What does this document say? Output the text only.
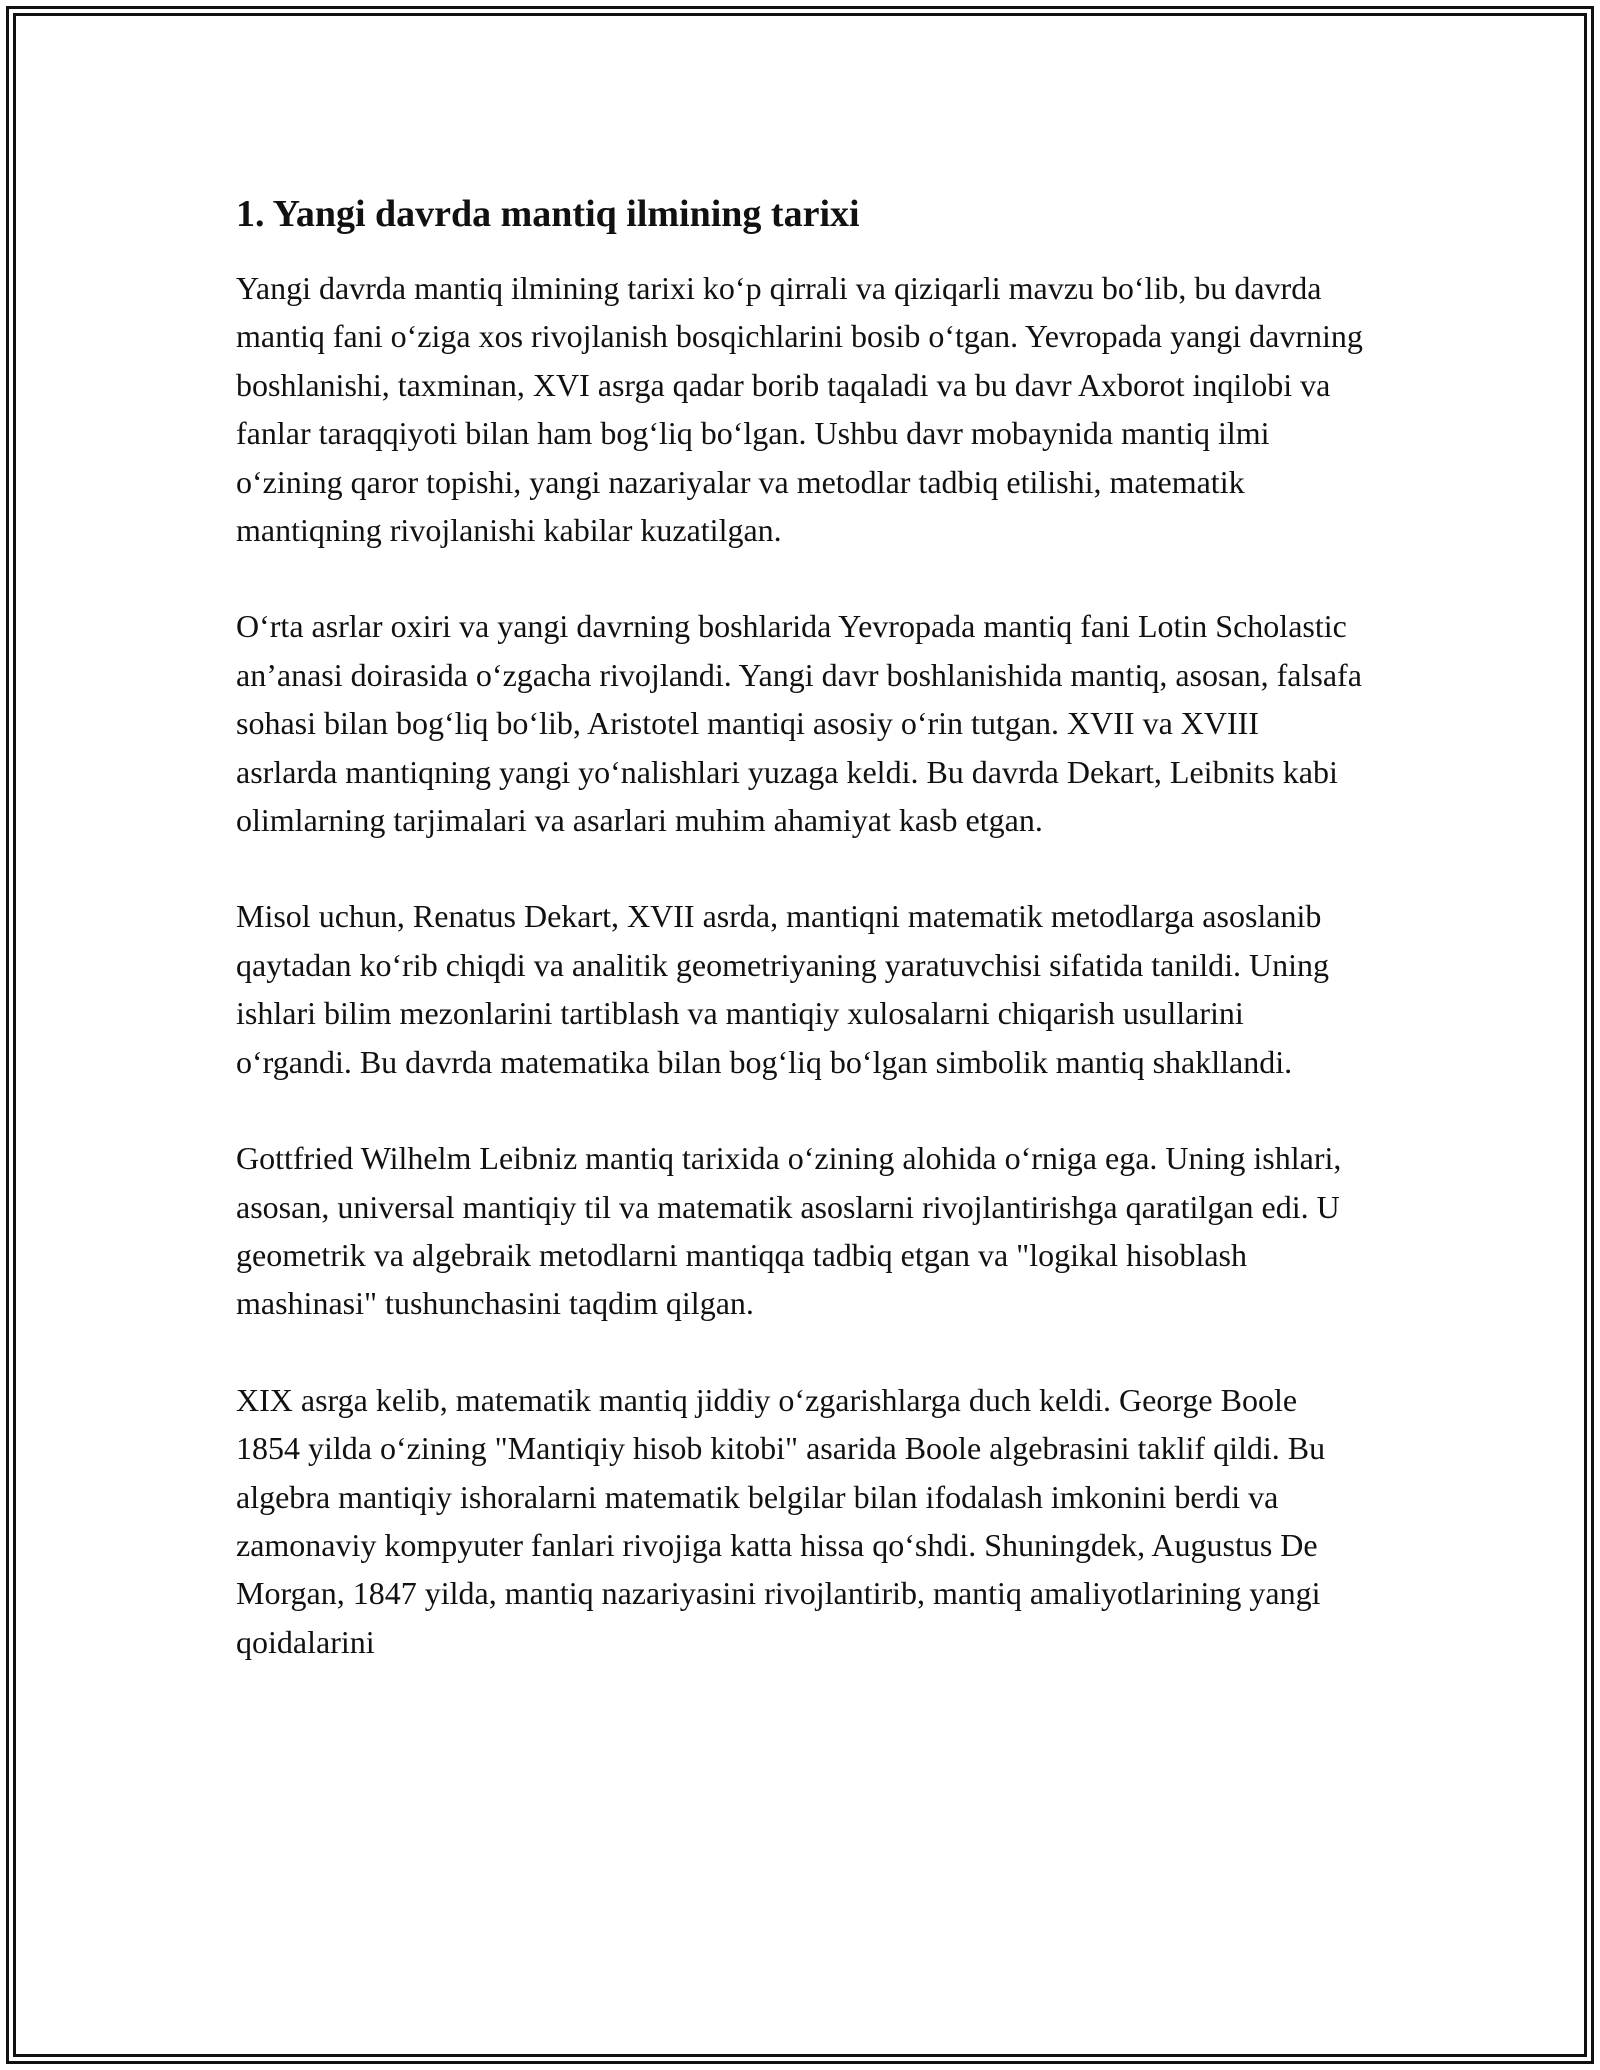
1. Yangi davrda mantiq ilmining tarixi

Yangi davrda mantiq ilmining tarixi ko‘p qirrali va qiziqarli mavzu bo‘lib, bu davrda mantiq fani o‘ziga xos rivojlanish bosqichlarini bosib o‘tgan. Yevropada yangi davrning boshlanishi, taxminan, XVI asrga qadar borib taqaladi va bu davr Axborot inqilobi va fanlar taraqqiyoti bilan ham bog‘liq bo‘lgan. Ushbu davr mobaynida mantiq ilmi o‘zining qaror topishi, yangi nazariyalar va metodlar tadbiq etilishi, matematik mantiqning rivojlanishi kabilar kuzatilgan.

O‘rta asrlar oxiri va yangi davrning boshlarida Yevropada mantiq fani Lotin Scholastic an’anasi doirasida o‘zgacha rivojlandi. Yangi davr boshlanishida mantiq, asosan, falsafa sohasi bilan bog‘liq bo‘lib, Aristotel mantiqi asosiy o‘rin tutgan. XVII va XVIII asrlarda mantiqning yangi yo‘nalishlari yuzaga keldi. Bu davrda Dekart, Leibnits kabi olimlarning tarjimalari va asarlari muhim ahamiyat kasb etgan.

Misol uchun, Renatus Dekart, XVII asrda, mantiqni matematik metodlarga asoslanib qaytadan ko‘rib chiqdi va analitik geometriyaning yaratuvchisi sifatida tanildi. Uning ishlari bilim mezonlarini tartiblash va mantiqiy xulosalarni chiqarish usullarini o‘rgandi. Bu davrda matematika bilan bog‘liq bo‘lgan simbolik mantiq shakllandi.

Gottfried Wilhelm Leibniz mantiq tarixida o‘zining alohida o‘rniga ega. Uning ishlari, asosan, universal mantiqiy til va matematik asoslarni rivojlantirishga qaratilgan edi. U geometrik va algebraik metodlarni mantiqqa tadbiq etgan va "logikal hisoblash mashinasi" tushunchasini taqdim qilgan.

XIX asrga kelib, matematik mantiq jiddiy o‘zgarishlarga duch keldi. George Boole 1854 yilda o‘zining "Mantiqiy hisob kitobi" asarida Boole algebrasini taklif qildi. Bu algebra mantiqiy ishoralarni matematik belgilar bilan ifodalash imkonini berdi va zamonaviy kompyuter fanlari rivojiga katta hissa qo‘shdi. Shuningdek, Augustus De Morgan, 1847 yilda, mantiq nazariyasini rivojlantirib, mantiq amaliyotlarining yangi qoidalarini
